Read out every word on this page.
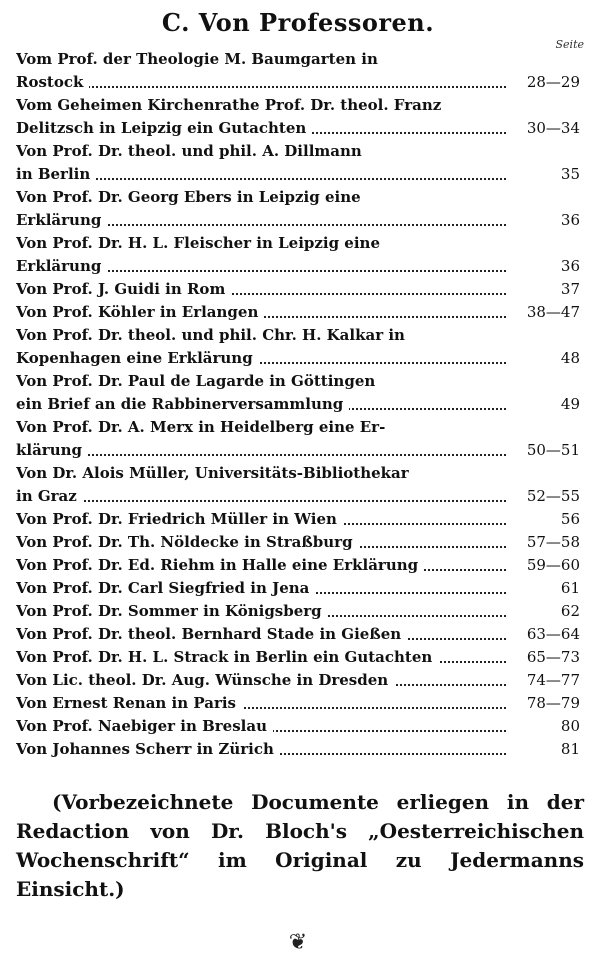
C. Von Professoren.
Seite
Vom Prof. der Theologie M. Baumgarten in
Rostock	28—29
Vom Geheimen Kirchenrathe Prof. Dr. theol. Franz
Delitzsch in Leipzig ein Gutachten	30—34
Von Prof. Dr. theol. und phil. A. Dillmann
in Berlin	35
Von Prof. Dr. Georg Ebers in Leipzig eine
Erklärung	36
Von Prof. Dr. H. L. Fleischer in Leipzig eine
Erklärung	36
Von Prof. J. Guidi in Rom	37
Von Prof. Köhler in Erlangen	38—47
Von Prof. Dr. theol. und phil. Chr. H. Kalkar in
Kopenhagen eine Erklärung	48
Von Prof. Dr. Paul de Lagarde in Göttingen
ein Brief an die Rabbinerversammlung	49
Von Prof. Dr. A. Merx in Heidelberg eine Er-
klärung	50—51
Von Dr. Alois Müller, Universitäts-Bibliothekar
in Graz	52—55
Von Prof. Dr. Friedrich Müller in Wien	56
Von Prof. Dr. Th. Nöldecke in Straßburg	57—58
Von Prof. Dr. Ed. Riehm in Halle eine Erklärung	59—60
Von Prof. Dr. Carl Siegfried in Jena	61
Von Prof. Dr. Sommer in Königsberg	62
Von Prof. Dr. theol. Bernhard Stade in Gießen	63—64
Von Prof. Dr. H. L. Strack in Berlin ein Gutachten	65—73
Von Lic. theol. Dr. Aug. Wünsche in Dresden	74—77
Von Ernest Renan in Paris	78—79
Von Prof. Naebiger in Breslau	80
Von Johannes Scherr in Zürich	81
(Vorbezeichnete Documente erliegen in der Redaction von Dr. Bloch's „Oesterreichischen Wochenschrift“ im Original zu Jedermanns Einsicht.)
❦
